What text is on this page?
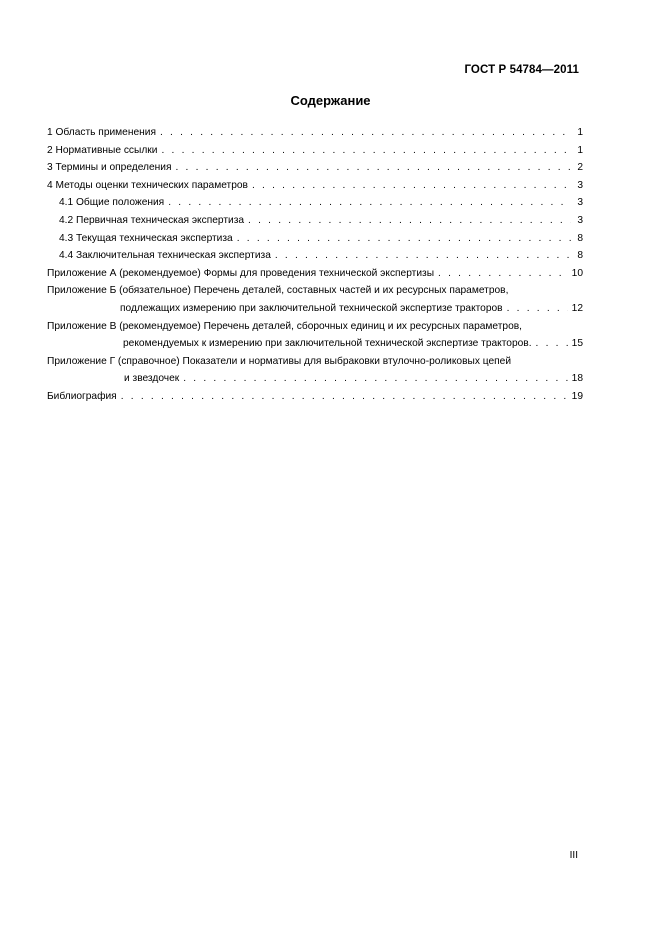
ГОСТ Р 54784—2011
Содержание
1 Область применения . . .	1
2 Нормативные ссылки . . .	1
3 Термины и определения . . .	2
4 Методы оценки технических параметров . . .	3
4.1 Общие положения . . .	3
4.2 Первичная техническая экспертиза . . .	3
4.3 Текущая техническая экспертиза . . .	8
4.4 Заключительная техническая экспертиза . . .	8
Приложение А (рекомендуемое) Формы для проведения технической экспертизы . . .	10
Приложение Б (обязательное) Перечень деталей, составных частей и их ресурсных параметров,
подлежащих измерению при заключительной технической экспертизе тракторов . . .	12
Приложение В (рекомендуемое) Перечень деталей, сборочных единиц и их ресурсных параметров,
рекомендуемых к измерению при заключительной технической экспертизе тракторов. . . .	15
Приложение Г (справочное) Показатели и нормативы для выбраковки втулочно-роликовых цепей
и звездочек . . .	18
Библиография . . .	19
III
